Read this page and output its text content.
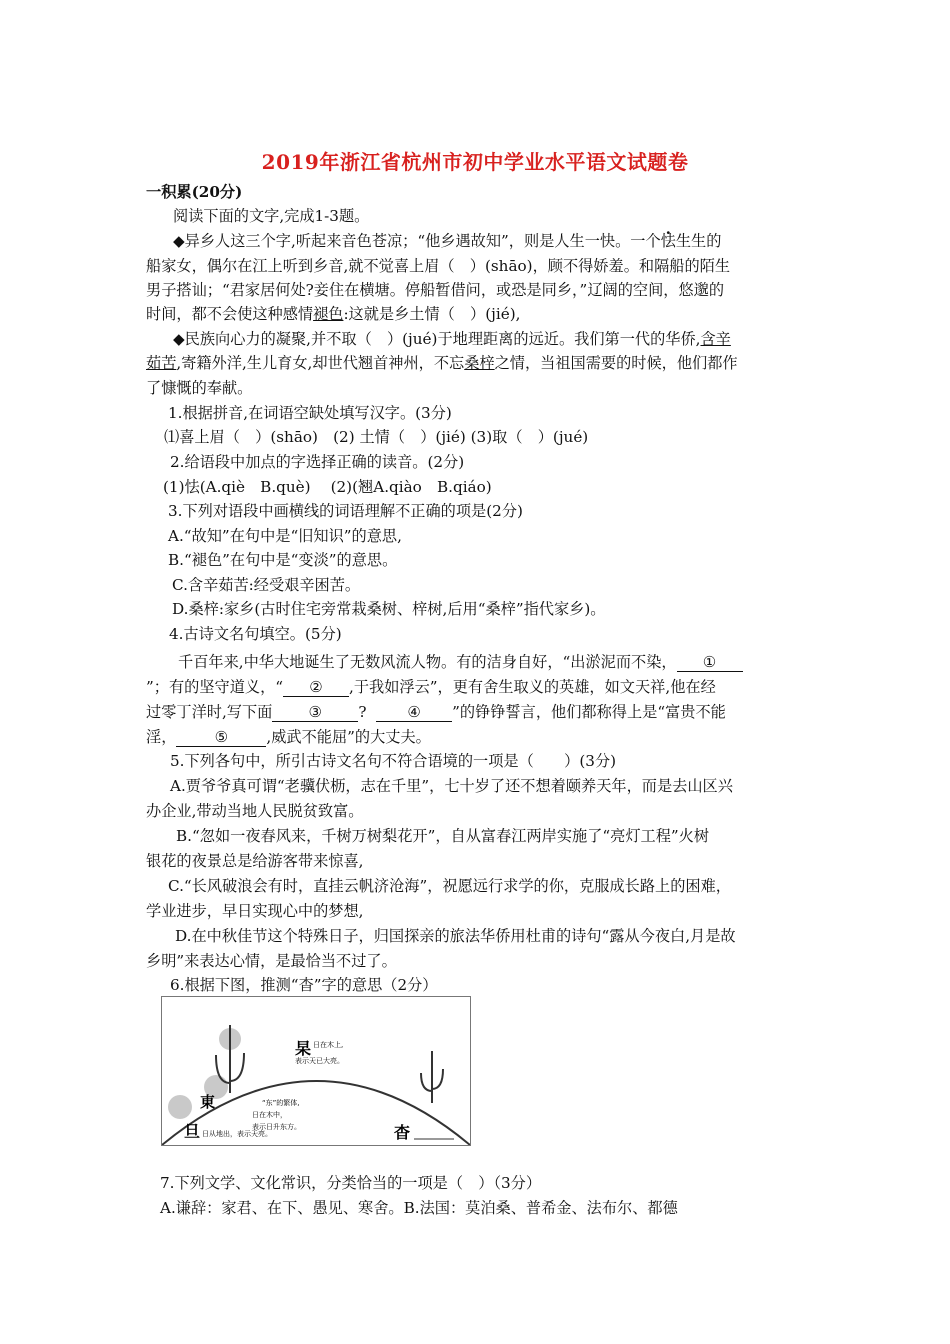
2019年浙江省杭州市初中学业水平语文试题卷
一积累(20分)
阅读下面的文字,完成1-3题。
◆异乡人这三个字,听起来音色苍凉；“他乡遇故知”，则是人生一快。一个怯生生的
船家女，偶尔在江上听到乡音,就不觉喜上眉（　）(shāo)，顾不得娇羞。和隔船的陌生
男子搭讪；“君家居何处?妾住在横塘。停船暂借问，或恐是同乡，”辽阔的空间，悠邈的
时间，都不会使这种感情褪色:这就是乡土情（　）(jié),
◆民族向心力的凝聚,并不取（　）(jué)于地理距离的远近。我们第一代的华侨,含辛
茹苦,寄籍外洋,生儿育女,却世代翘首神州，不忘桑梓之情，当祖国需要的时候，他们都作
了慷慨的奉献。
1.根据拼音,在词语空缺处填写汉字。(3分)
⑴喜上眉（　）(shāo)　(2) 土情（　）(jié) (3)取（　）(jué)
2.给语段中加点的字选择正确的读音。(2分)
(1)怯(A.qiè　B.què)　 (2)(翘A.qiào　B.qiáo)
3.下列对语段中画横线的词语理解不正确的项是(2分)
A.“故知”在句中是“旧知识”的意思,
B.“褪色”在句中是“变淡”的意思。
C.含辛茹苦:经受艰辛困苦。
D.桑梓:家乡(古时住宅旁常栽桑树、梓树,后用“桑梓”指代家乡)。
4.古诗文名句填空。(5分)
千百年来,中华大地诞生了无数风流人物。有的洁身自好，“出淤泥而不染， ①
”；有的坚守道义，“ ② ,于我如浮云”，更有舍生取义的英雄，如文天祥,他在经
过零丁洋时,写下面 ③ ?	④ ”的铮铮誓言，他们都称得上是“富贵不能
淫，	⑤	,威武不能屈”的大丈夫。
5.下列各句中，所引古诗文名句不符合语境的一项是（　　）(3分)
A.贾爷爷真可谓“老骥伏枥，志在千里”，七十岁了还不想着颐养天年，而是去山区兴
办企业,带动当地人民脱贫致富。
B.“忽如一夜春风来，千树万树梨花开”，自从富春江两岸实施了“亮灯工程”火树
银花的夜景总是给游客带来惊喜,
C.“长风破浪会有时，直挂云帆济沧海”，祝愿远行求学的你，克服成长路上的困难，
学业进步，早日实现心中的梦想,
D.在中秋佳节这个特殊日子，归国探亲的旅法华侨用杜甫的诗句“露从今夜白,月是故
乡明”来表达心情，是最恰当不过了。
6.根据下图，推测“杳”字的意思（2分）
杲 日在木上,
表示天已大亮。
東	“东”的繁体,
日在木中，
表示日升东方。
旦 日从地出，表示天亮。	杳
7.下列文学、文化常识，分类恰当的一项是（　）（3分）
A.谦辞：家君、在下、愚见、寒舍。B.法国：莫泊桑、普希金、法布尔、都德
